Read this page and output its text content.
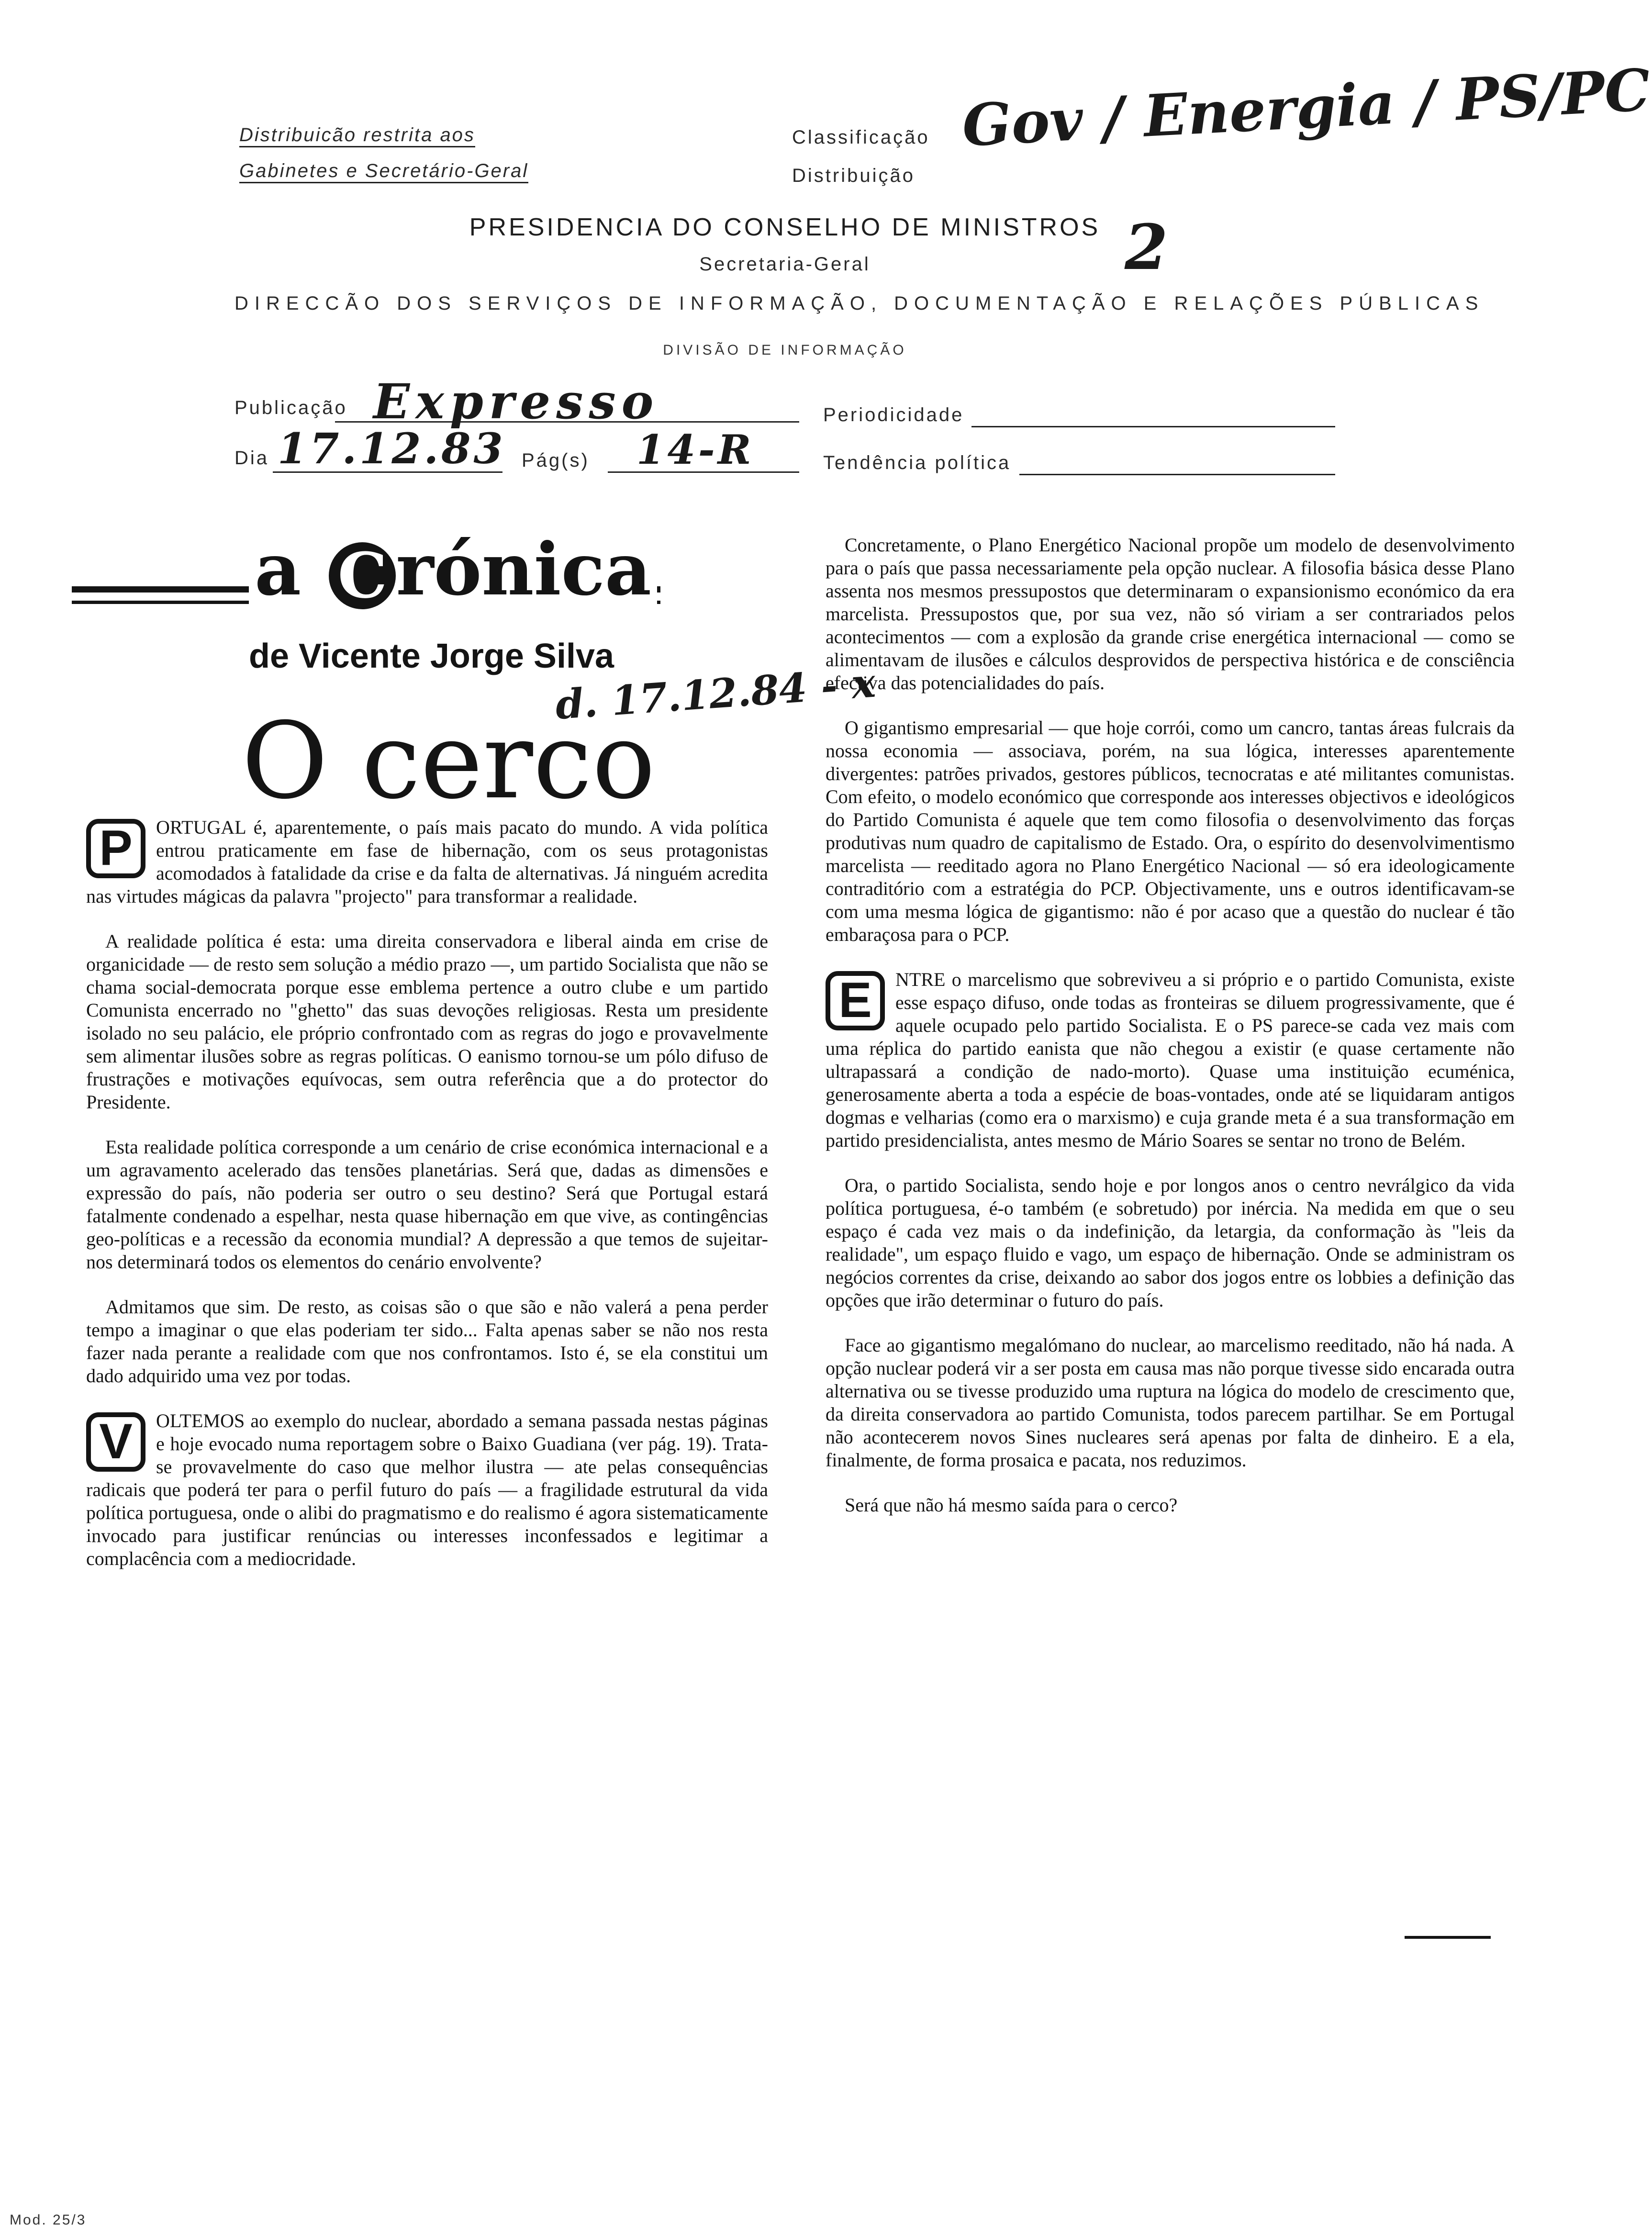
Distribuicão restrita aos
Gabinetes e Secretário-Geral
Classificação
Distribuição
Gov / Energia / PS/PC
2
PRESIDENCIA DO CONSELHO DE MINISTROS
Secretaria-Geral
DIRECCÃO DOS SERVIÇOS DE INFORMAÇÃO, DOCUMENTAÇÃO E RELAÇÕES PÚBLICAS
DIVISÃO DE INFORMAÇÃO
Publicação Expresso	Periodicidade
Dia 17.12.83 Pág(s) 14-R	Tendência política
a C rónica
de Vicente Jorge Silva
d. 17.12.84 - x
O cerco

P	ORTUGAL é, aparentemente, o país mais pacato do mundo. A vida política entrou praticamente em fase de hibernação, com os seus protagonistas acomodados à fatalidade da crise e da falta de alternativas. Já ninguém acredita nas virtudes mágicas da palavra "projecto" para transformar a realidade.

A realidade política é esta: uma direita conservadora e liberal ainda em crise de organicidade — de resto sem solução a médio prazo —, um partido Socialista que não se chama social-democrata porque esse emblema pertence a outro clube e um partido Comunista encerrado no "ghetto" das suas devoções religiosas. Resta um presidente isolado no seu palácio, ele próprio confrontado com as regras do jogo e provavelmente sem alimentar ilusões sobre as regras políticas. O eanismo tornou-se um pólo difuso de frustrações e motivações equívocas, sem outra referência que a do protector do Presidente.

Esta realidade política corresponde a um cenário de crise económica internacional e a um agravamento acelerado das tensões planetárias. Será que, dadas as dimensões e expressão do país, não poderia ser outro o seu destino? Será que Portugal estará fatalmente condenado a espelhar, nesta quase hibernação em que vive, as contingências geo-políticas e a recessão da economia mundial? A depressão a que temos de sujeitar-nos determinará todos os elementos do cenário envolvente?

Admitamos que sim. De resto, as coisas são o que são e não valerá a pena perder tempo a imaginar o que elas poderiam ter sido... Falta apenas saber se não nos resta fazer nada perante a realidade com que nos confrontamos. Isto é, se ela constitui um dado adquirido uma vez por todas.

V	OLTEMOS ao exemplo do nuclear, abordado a semana passada nestas páginas e hoje evocado numa reportagem sobre o Baixo Guadiana (ver pág. 19). Trata-se provavelmente do caso que melhor ilustra — ate pelas consequências radicais que poderá ter para o perfil futuro do país — a fragilidade estrutural da vida política portuguesa, onde o alibi do pragmatismo e do realismo é agora sistematicamente invocado para justificar renúncias ou interesses inconfessados e legitimar a complacência com a mediocridade.

Concretamente, o Plano Energético Nacional propõe um modelo de desenvolvimento para o país que passa necessariamente pela opção nuclear. A filosofia básica desse Plano assenta nos mesmos pressupostos que determinaram o expansionismo económico da era marcelista. Pressupostos que, por sua vez, não só viriam a ser contrariados pelos acontecimentos — com a explosão da grande crise energética internacional — como se alimentavam de ilusões e cálculos desprovidos de perspectiva histórica e de consciência efectiva das potencialidades do país.

O gigantismo empresarial — que hoje corrói, como um cancro, tantas áreas fulcrais da nossa economia — associava, porém, na sua lógica, interesses aparentemente divergentes: patrões privados, gestores públicos, tecnocratas e até militantes comunistas. Com efeito, o modelo económico que corresponde aos interesses objectivos e ideológicos do Partido Comunista é aquele que tem como filosofia o desenvolvimento das forças produtivas num quadro de capitalismo de Estado. Ora, o espírito do desenvolvimentismo marcelista — reeditado agora no Plano Energético Nacional — só era ideologicamente contraditório com a estratégia do PCP. Objectivamente, uns e outros identificavam-se com uma mesma lógica de gigantismo: não é por acaso que a questão do nuclear é tão embaraçosa para o PCP.

E	NTRE o marcelismo que sobreviveu a si próprio e o partido Comunista, existe esse espaço difuso, onde todas as fronteiras se diluem progressivamente, que é aquele ocupado pelo partido Socialista. E o PS parece-se cada vez mais com uma réplica do partido eanista que não chegou a existir (e quase certamente não ultrapassará a condição de nado-morto). Quase uma instituição ecuménica, generosamente aberta a toda a espécie de boas-vontades, onde até se liquidaram antigos dogmas e velharias (como era o marxismo) e cuja grande meta é a sua transformação em partido presidencialista, antes mesmo de Mário Soares se sentar no trono de Belém.

Ora, o partido Socialista, sendo hoje e por longos anos o centro nevrálgico da vida política portuguesa, é-o também (e sobretudo) por inércia. Na medida em que o seu espaço é cada vez mais o da indefinição, da letargia, da conformação às "leis da realidade", um espaço fluido e vago, um espaço de hibernação. Onde se administram os negócios correntes da crise, deixando ao sabor dos jogos entre os lobbies a definição das opções que irão determinar o futuro do país.

Face ao gigantismo megalómano do nuclear, ao marcelismo reeditado, não há nada. A opção nuclear poderá vir a ser posta em causa mas não porque tivesse sido encarada outra alternativa ou se tivesse produzido uma ruptura na lógica do modelo de crescimento que, da direita conservadora ao partido Comunista, todos parecem partilhar. Se em Portugal não acontecerem novos Sines nucleares será apenas por falta de dinheiro. E a ela, finalmente, de forma prosaica e pacata, nos reduzimos.

Será que não há mesmo saída para o cerco?

Mod. 25/3
